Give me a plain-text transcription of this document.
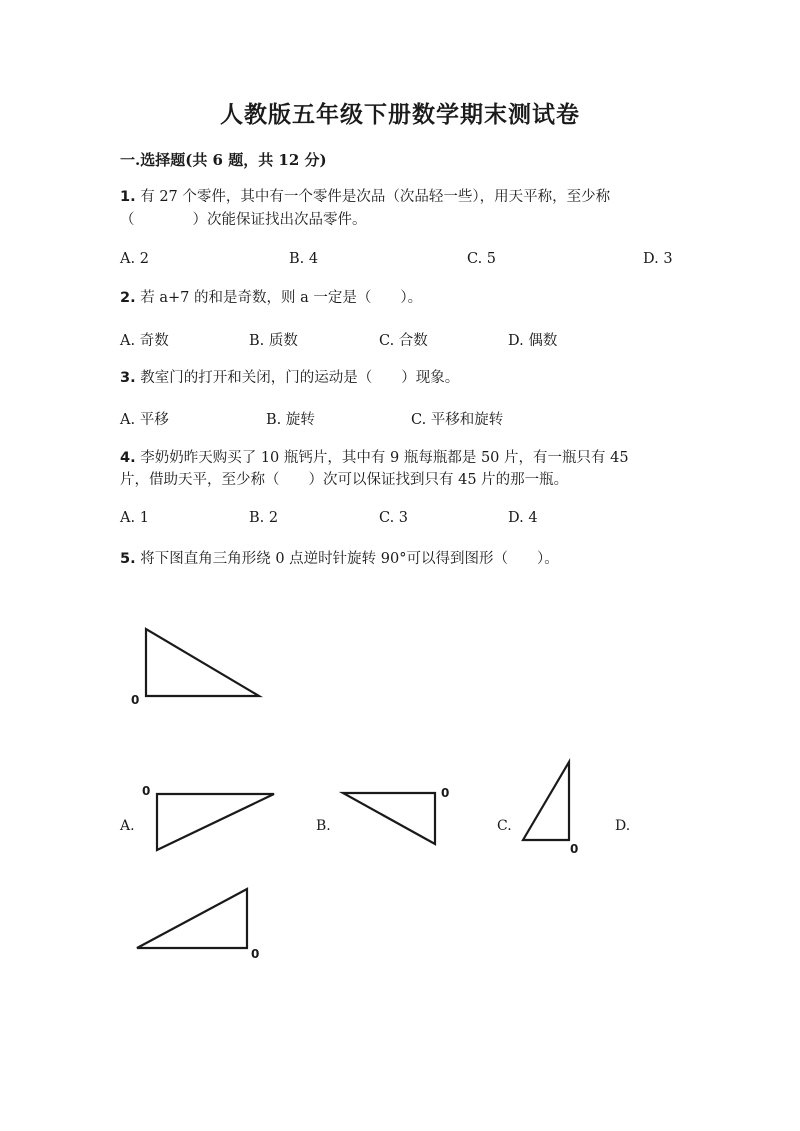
人教版五年级下册数学期末测试卷
一.选择题(共 6 题，共 12 分)
1. 有 27 个零件，其中有一个零件是次品（次品轻一些），用天平称，至少称
（　　　　）次能保证找出次品零件。
A. 2	B. 4	C. 5	D. 3
2. 若 a+7 的和是奇数，则 a 一定是（　　）。
A. 奇数	B. 质数	C. 合数	D. 偶数
3. 教室门的打开和关闭，门的运动是（　　）现象。
A. 平移	B. 旋转	C. 平移和旋转
4. 李奶奶昨天购买了 10 瓶钙片，其中有 9 瓶每瓶都是 50 片，有一瓶只有 45
片，借助天平，至少称（　　）次可以保证找到只有 45 片的那一瓶。
A. 1	B. 2	C. 3	D. 4
5. 将下图直角三角形绕 0 点逆时针旋转 90°可以得到图形（　　）。
A.	B.	C.	D.
0
0	0
0
0
